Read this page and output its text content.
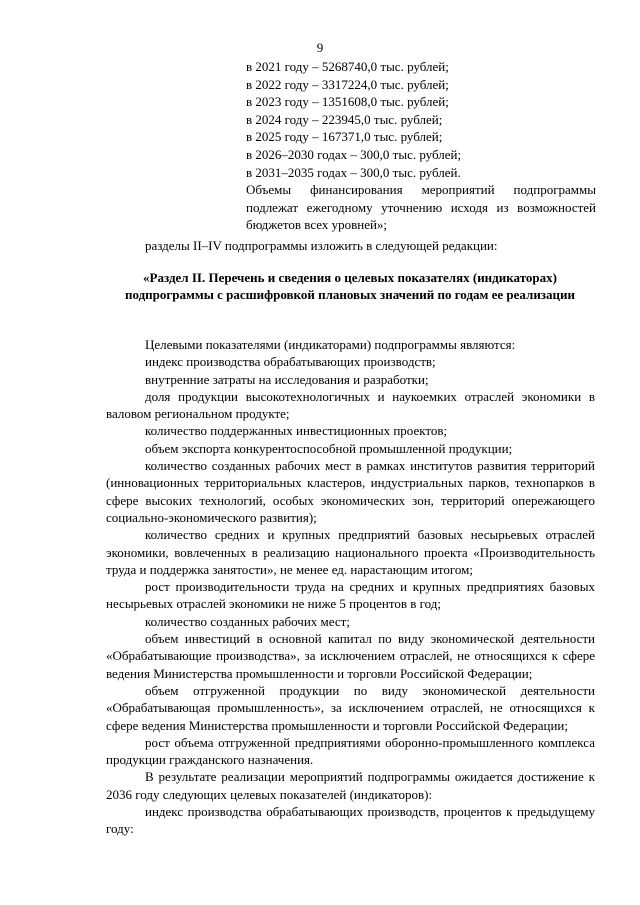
9
в 2021 году – 5268740,0 тыс. рублей;
в 2022 году – 3317224,0 тыс. рублей;
в 2023 году – 1351608,0 тыс. рублей;
в 2024 году – 223945,0 тыс. рублей;
в 2025 году – 167371,0 тыс. рублей;
в 2026–2030 годах – 300,0 тыс. рублей;
в 2031–2035 годах – 300,0 тыс. рублей.
Объемы финансирования мероприятий подпрограммы подлежат ежегодному уточнению исходя из возможностей бюджетов всех уровней»;
разделы II–IV подпрограммы изложить в следующей редакции:
«Раздел II. Перечень и сведения о целевых показателях (индикаторах) подпрограммы с расшифровкой плановых значений по годам ее реализации

Целевыми показателями (индикаторами) подпрограммы являются:

индекс производства обрабатывающих производств;

внутренние затраты на исследования и разработки;

доля продукции высокотехнологичных и наукоемких отраслей экономики в валовом региональном продукте;

количество поддержанных инвестиционных проектов;

объем экспорта конкурентоспособной промышленной продукции;

количество созданных рабочих мест в рамках институтов развития территорий (инновационных территориальных кластеров, индустриальных парков, технопарков в сфере высоких технологий, особых экономических зон, территорий опережающего социально-экономического развития);

количество средних и крупных предприятий базовых несырьевых отраслей экономики, вовлеченных в реализацию национального проекта «Производительность труда и поддержка занятости», не менее ед. нарастающим итогом;

рост производительности труда на средних и крупных предприятиях базовых несырьевых отраслей экономики не ниже 5 процентов в год;

количество созданных рабочих мест;

объем инвестиций в основной капитал по виду экономической деятельности «Обрабатывающие производства», за исключением отраслей, не относящихся к сфере ведения Министерства промышленности и торговли Российской Федерации;

объем отгруженной продукции по виду экономической деятельности «Обрабатывающая промышленность», за исключением отраслей, не относящихся к сфере ведения Министерства промышленности и торговли Российской Федерации;

рост объема отгруженной предприятиями оборонно-промышленного комплекса продукции гражданского назначения.

В результате реализации мероприятий подпрограммы ожидается достижение к 2036 году следующих целевых показателей (индикаторов):

индекс производства обрабатывающих производств, процентов к предыдущему году:
